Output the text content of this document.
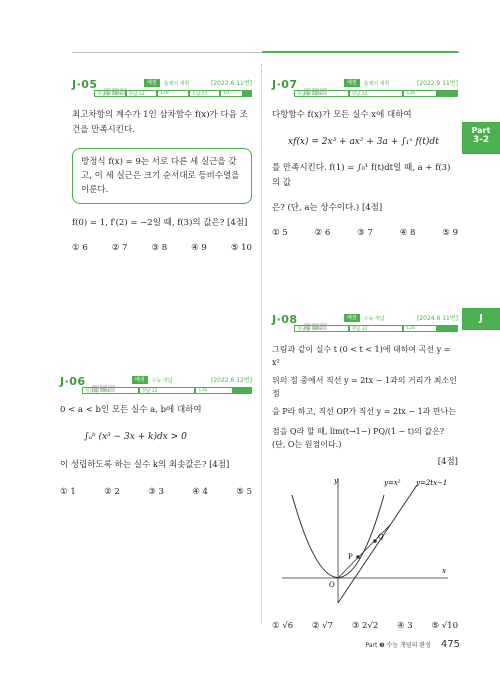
Part
3-2
J
J·05	배점	출제의 계획	[2022.6 11번]
정답률 78%	정답 32	128	오답 57	10
최고차항의 계수가 1인 삼차함수 f(x)가 다음 조건을 만족시킨다.
방정식 f(x) = 9는 서로 다른 세 실근을 갖고, 이 세 실근은 크기 순서대로 등비수열을 이룬다.
f(0) = 1, f′(2) = −2일 때, f(3)의 값은? [4점]
① 6	② 7	③ 8	④ 9	⑤ 10
J·07	배점	출제의 계획	[2022.9 11번]
정답률 73%	정답 32	128
다항함수 f(x)가 모든 실수 x에 대하여
xf(x) = 2x³ + ax² + 3a + ∫₁ˣ f(t)dt
를 만족시킨다. f(1) = ∫₀¹ f(t)dt일 때, a + f(3)의 값
은? (단, a는 상수이다.) [4점]
① 5	② 6	③ 7	④ 8	⑤ 9
J·06	배점	수능 개념	[2022.6 12번]
정답률 79%	정답 32	128
0 < a < b인 모든 실수 a, b에 대하여
∫ₐᵇ (x³ − 3x + k)dx > 0
이 성립하도록 하는 실수 k의 최솟값은? [4점]
① 1	② 2	③ 3	④ 4	⑤ 5
J·08	배점	수능 개념	[2024.6 11번]
정답률 76%	정답 32	128
그림과 같이 실수 t (0 < t < 1)에 대하여 곡선 y = x²
위의 점 중에서 직선 y = 2tx − 1과의 거리가 최소인 점
을 P라 하고, 직선 OP가 직선 y = 2tx − 1과 만나는
점을 Q라 할 때, lim(t→1−) PQ/(1 − t)의 값은? (단, O는 원점이다.)
[4점]
y
x
O
P
Q
y=x² y=2tx−1
① √6 ② √7 ③ 2√2 ④ 3 ⑤ √10
Part ❸ 수능 개념의 완성 475
